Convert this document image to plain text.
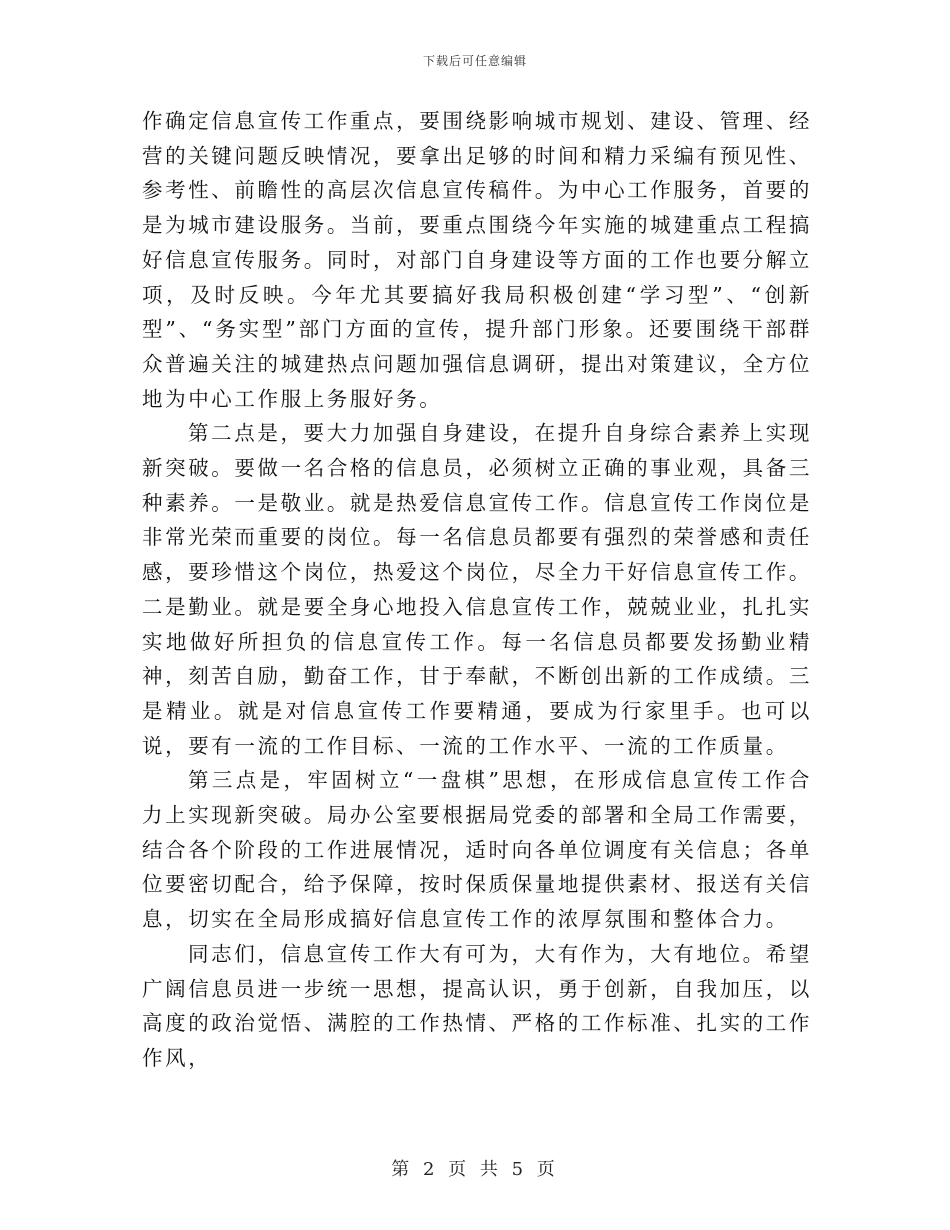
下载后可任意编辑

作确定信息宣传工作重点，要围绕影响城市规划、建设、管理、经营的关键问题反映情况，要拿出足够的时间和精力采编有预见性、参考性、前瞻性的高层次信息宣传稿件。为中心工作服务，首要的是为城市建设服务。当前，要重点围绕今年实施的城建重点工程搞好信息宣传服务。同时，对部门自身建设等方面的工作也要分解立项，及时反映。今年尤其要搞好我局积极创建“学习型”、“创新型”、“务实型”部门方面的宣传，提升部门形象。还要围绕干部群众普遍关注的城建热点问题加强信息调研，提出对策建议，全方位地为中心工作服上务服好务。

第二点是，要大力加强自身建设，在提升自身综合素养上实现新突破。要做一名合格的信息员，必须树立正确的事业观，具备三种素养。一是敬业。就是热爱信息宣传工作。信息宣传工作岗位是非常光荣而重要的岗位。每一名信息员都要有强烈的荣誉感和责任感，要珍惜这个岗位，热爱这个岗位，尽全力干好信息宣传工作。二是勤业。就是要全身心地投入信息宣传工作，兢兢业业，扎扎实实地做好所担负的信息宣传工作。每一名信息员都要发扬勤业精神，刻苦自励，勤奋工作，甘于奉献，不断创出新的工作成绩。三是精业。就是对信息宣传工作要精通，要成为行家里手。也可以说，要有一流的工作目标、一流的工作水平、一流的工作质量。

第三点是，牢固树立“一盘棋”思想，在形成信息宣传工作合力上实现新突破。局办公室要根据局党委的部署和全局工作需要，结合各个阶段的工作进展情况，适时向各单位调度有关信息；各单位要密切配合，给予保障，按时保质保量地提供素材、报送有关信息，切实在全局形成搞好信息宣传工作的浓厚氛围和整体合力。

同志们，信息宣传工作大有可为，大有作为，大有地位。希望广阔信息员进一步统一思想，提高认识，勇于创新，自我加压，以高度的政治觉悟、满腔的工作热情、严格的工作标准、扎实的工作作风，

第 2 页 共 5 页
